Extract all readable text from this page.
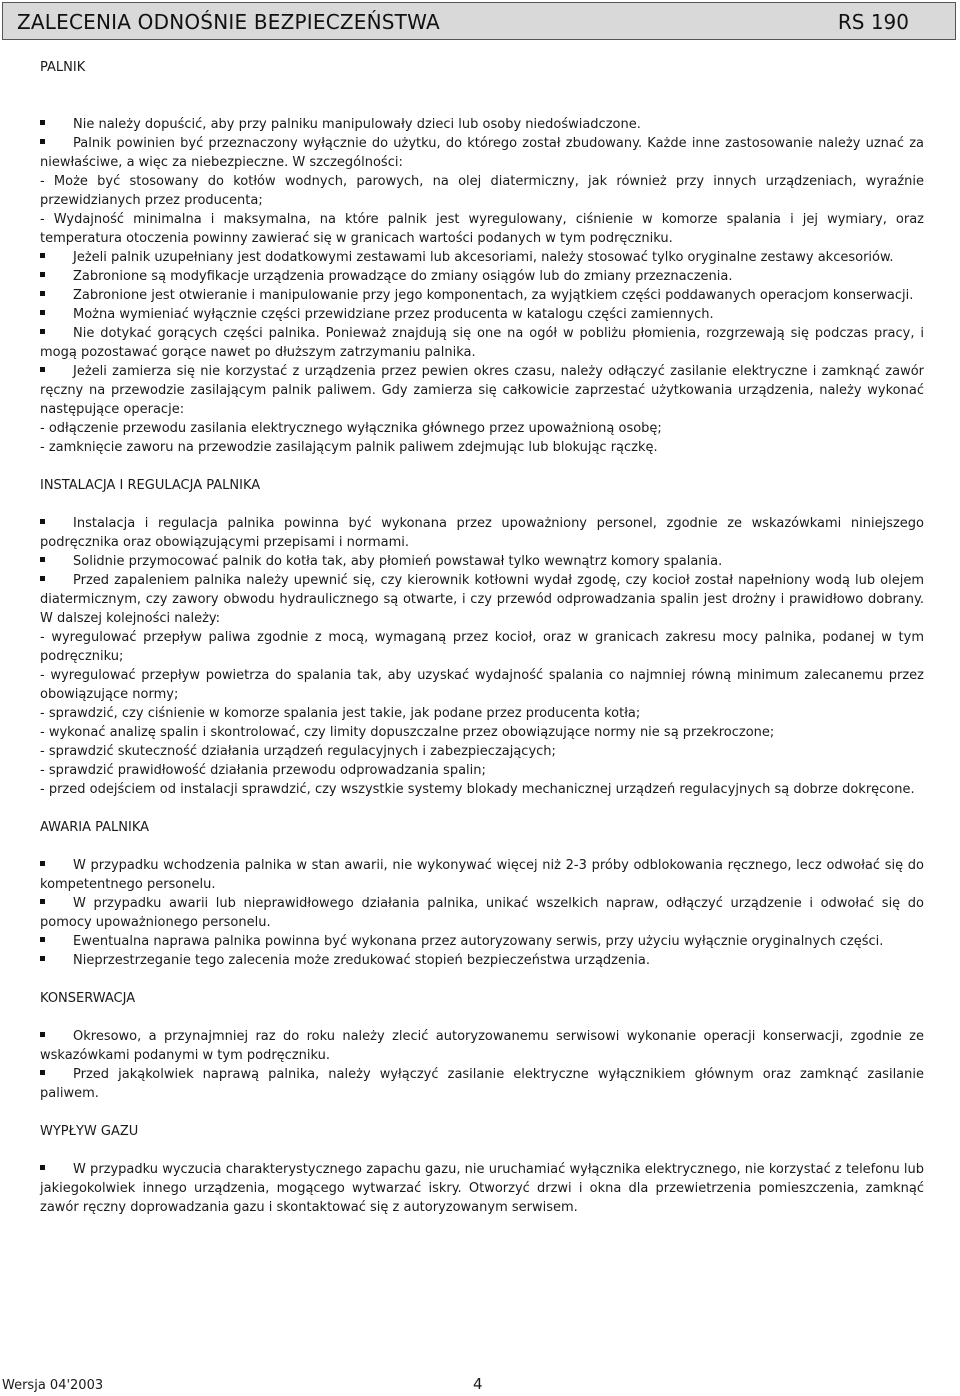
ZALECENIA ODNOŚNIE BEZPIECZEŃSTWA	RS 190
PALNIK

Nie należy dopuścić, aby przy palniku manipulowały dzieci lub osoby niedoświadczone.

Palnik powinien być przeznaczony wyłącznie do użytku, do którego został zbudowany. Każde inne zastosowanie należy uznać za niewłaściwe, a więc za niebezpieczne. W szczególności:

- Może być stosowany do kotłów wodnych, parowych, na olej diatermiczny, jak również przy innych urządzeniach, wyraźnie przewidzianych przez producenta;

- Wydajność minimalna i maksymalna, na które palnik jest wyregulowany, ciśnienie w komorze spalania i jej wymiary, oraz temperatura otoczenia powinny zawierać się w granicach wartości podanych w tym podręczniku.

Jeżeli palnik uzupełniany jest dodatkowymi zestawami lub akcesoriami, należy stosować tylko oryginalne zestawy akcesoriów.

Zabronione są modyfikacje urządzenia prowadzące do zmiany osiągów lub do zmiany przeznaczenia.

Zabronione jest otwieranie i manipulowanie przy jego komponentach, za wyjątkiem części poddawanych operacjom konserwacji.

Można wymieniać wyłącznie części przewidziane przez producenta w katalogu części zamiennych.

Nie dotykać gorących części palnika. Ponieważ znajdują się one na ogół w pobliżu płomienia, rozgrzewają się podczas pracy, i mogą pozostawać gorące nawet po dłuższym zatrzymaniu palnika.

Jeżeli zamierza się nie korzystać z urządzenia przez pewien okres czasu, należy odłączyć zasilanie elektryczne i zamknąć zawór ręczny na przewodzie zasilającym palnik paliwem. Gdy zamierza się całkowicie zaprzestać użytkowania urządzenia, należy wykonać następujące operacje:

- odłączenie przewodu zasilania elektrycznego wyłącznika głównego przez upoważnioną osobę;

- zamknięcie zaworu na przewodzie zasilającym palnik paliwem zdejmując lub blokując rączkę.

INSTALACJA I REGULACJA PALNIKA

Instalacja i regulacja palnika powinna być wykonana przez upoważniony personel, zgodnie ze wskazówkami niniejszego podręcznika oraz obowiązującymi przepisami i normami.

Solidnie przymocować palnik do kotła tak, aby płomień powstawał tylko wewnątrz komory spalania.

Przed zapaleniem palnika należy upewnić się, czy kierownik kotłowni wydał zgodę, czy kocioł został napełniony wodą lub olejem diatermicznym, czy zawory obwodu hydraulicznego są otwarte, i czy przewód odprowadzania spalin jest drożny i prawidłowo dobrany. W dalszej kolejności należy:

- wyregulować przepływ paliwa zgodnie z mocą, wymaganą przez kocioł, oraz w granicach zakresu mocy palnika, podanej w tym podręczniku;

- wyregulować przepływ powietrza do spalania tak, aby uzyskać wydajność spalania co najmniej równą minimum zalecanemu przez obowiązujące normy;

- sprawdzić, czy ciśnienie w komorze spalania jest takie, jak podane przez producenta kotła;

- wykonać analizę spalin i skontrolować, czy limity dopuszczalne przez obowiązujące normy nie są przekroczone;

- sprawdzić skuteczność działania urządzeń regulacyjnych i zabezpieczających;

- sprawdzić prawidłowość działania przewodu odprowadzania spalin;

- przed odejściem od instalacji sprawdzić, czy wszystkie systemy blokady mechanicznej urządzeń regulacyjnych są dobrze dokręcone.

AWARIA PALNIKA

W przypadku wchodzenia palnika w stan awarii, nie wykonywać więcej niż 2-3 próby odblokowania ręcznego, lecz odwołać się do kompetentnego personelu.

W przypadku awarii lub nieprawidłowego działania palnika, unikać wszelkich napraw, odłączyć urządzenie i odwołać się do pomocy upoważnionego personelu.

Ewentualna naprawa palnika powinna być wykonana przez autoryzowany serwis, przy użyciu wyłącznie oryginalnych części.

Nieprzestrzeganie tego zalecenia może zredukować stopień bezpieczeństwa urządzenia.

KONSERWACJA

Okresowo, a przynajmniej raz do roku należy zlecić autoryzowanemu serwisowi wykonanie operacji konserwacji, zgodnie ze wskazówkami podanymi w tym podręczniku.

Przed jakąkolwiek naprawą palnika, należy wyłączyć zasilanie elektryczne wyłącznikiem głównym oraz zamknąć zasilanie paliwem.

WYPŁYW GAZU

W przypadku wyczucia charakterystycznego zapachu gazu, nie uruchamiać wyłącznika elektrycznego, nie korzystać z telefonu lub jakiegokolwiek innego urządzenia, mogącego wytwarzać iskry. Otworzyć drzwi i okna dla przewietrzenia pomieszczenia, zamknąć zawór ręczny doprowadzania gazu i skontaktować się z autoryzowanym serwisem.

Wersja 04'2003	4
